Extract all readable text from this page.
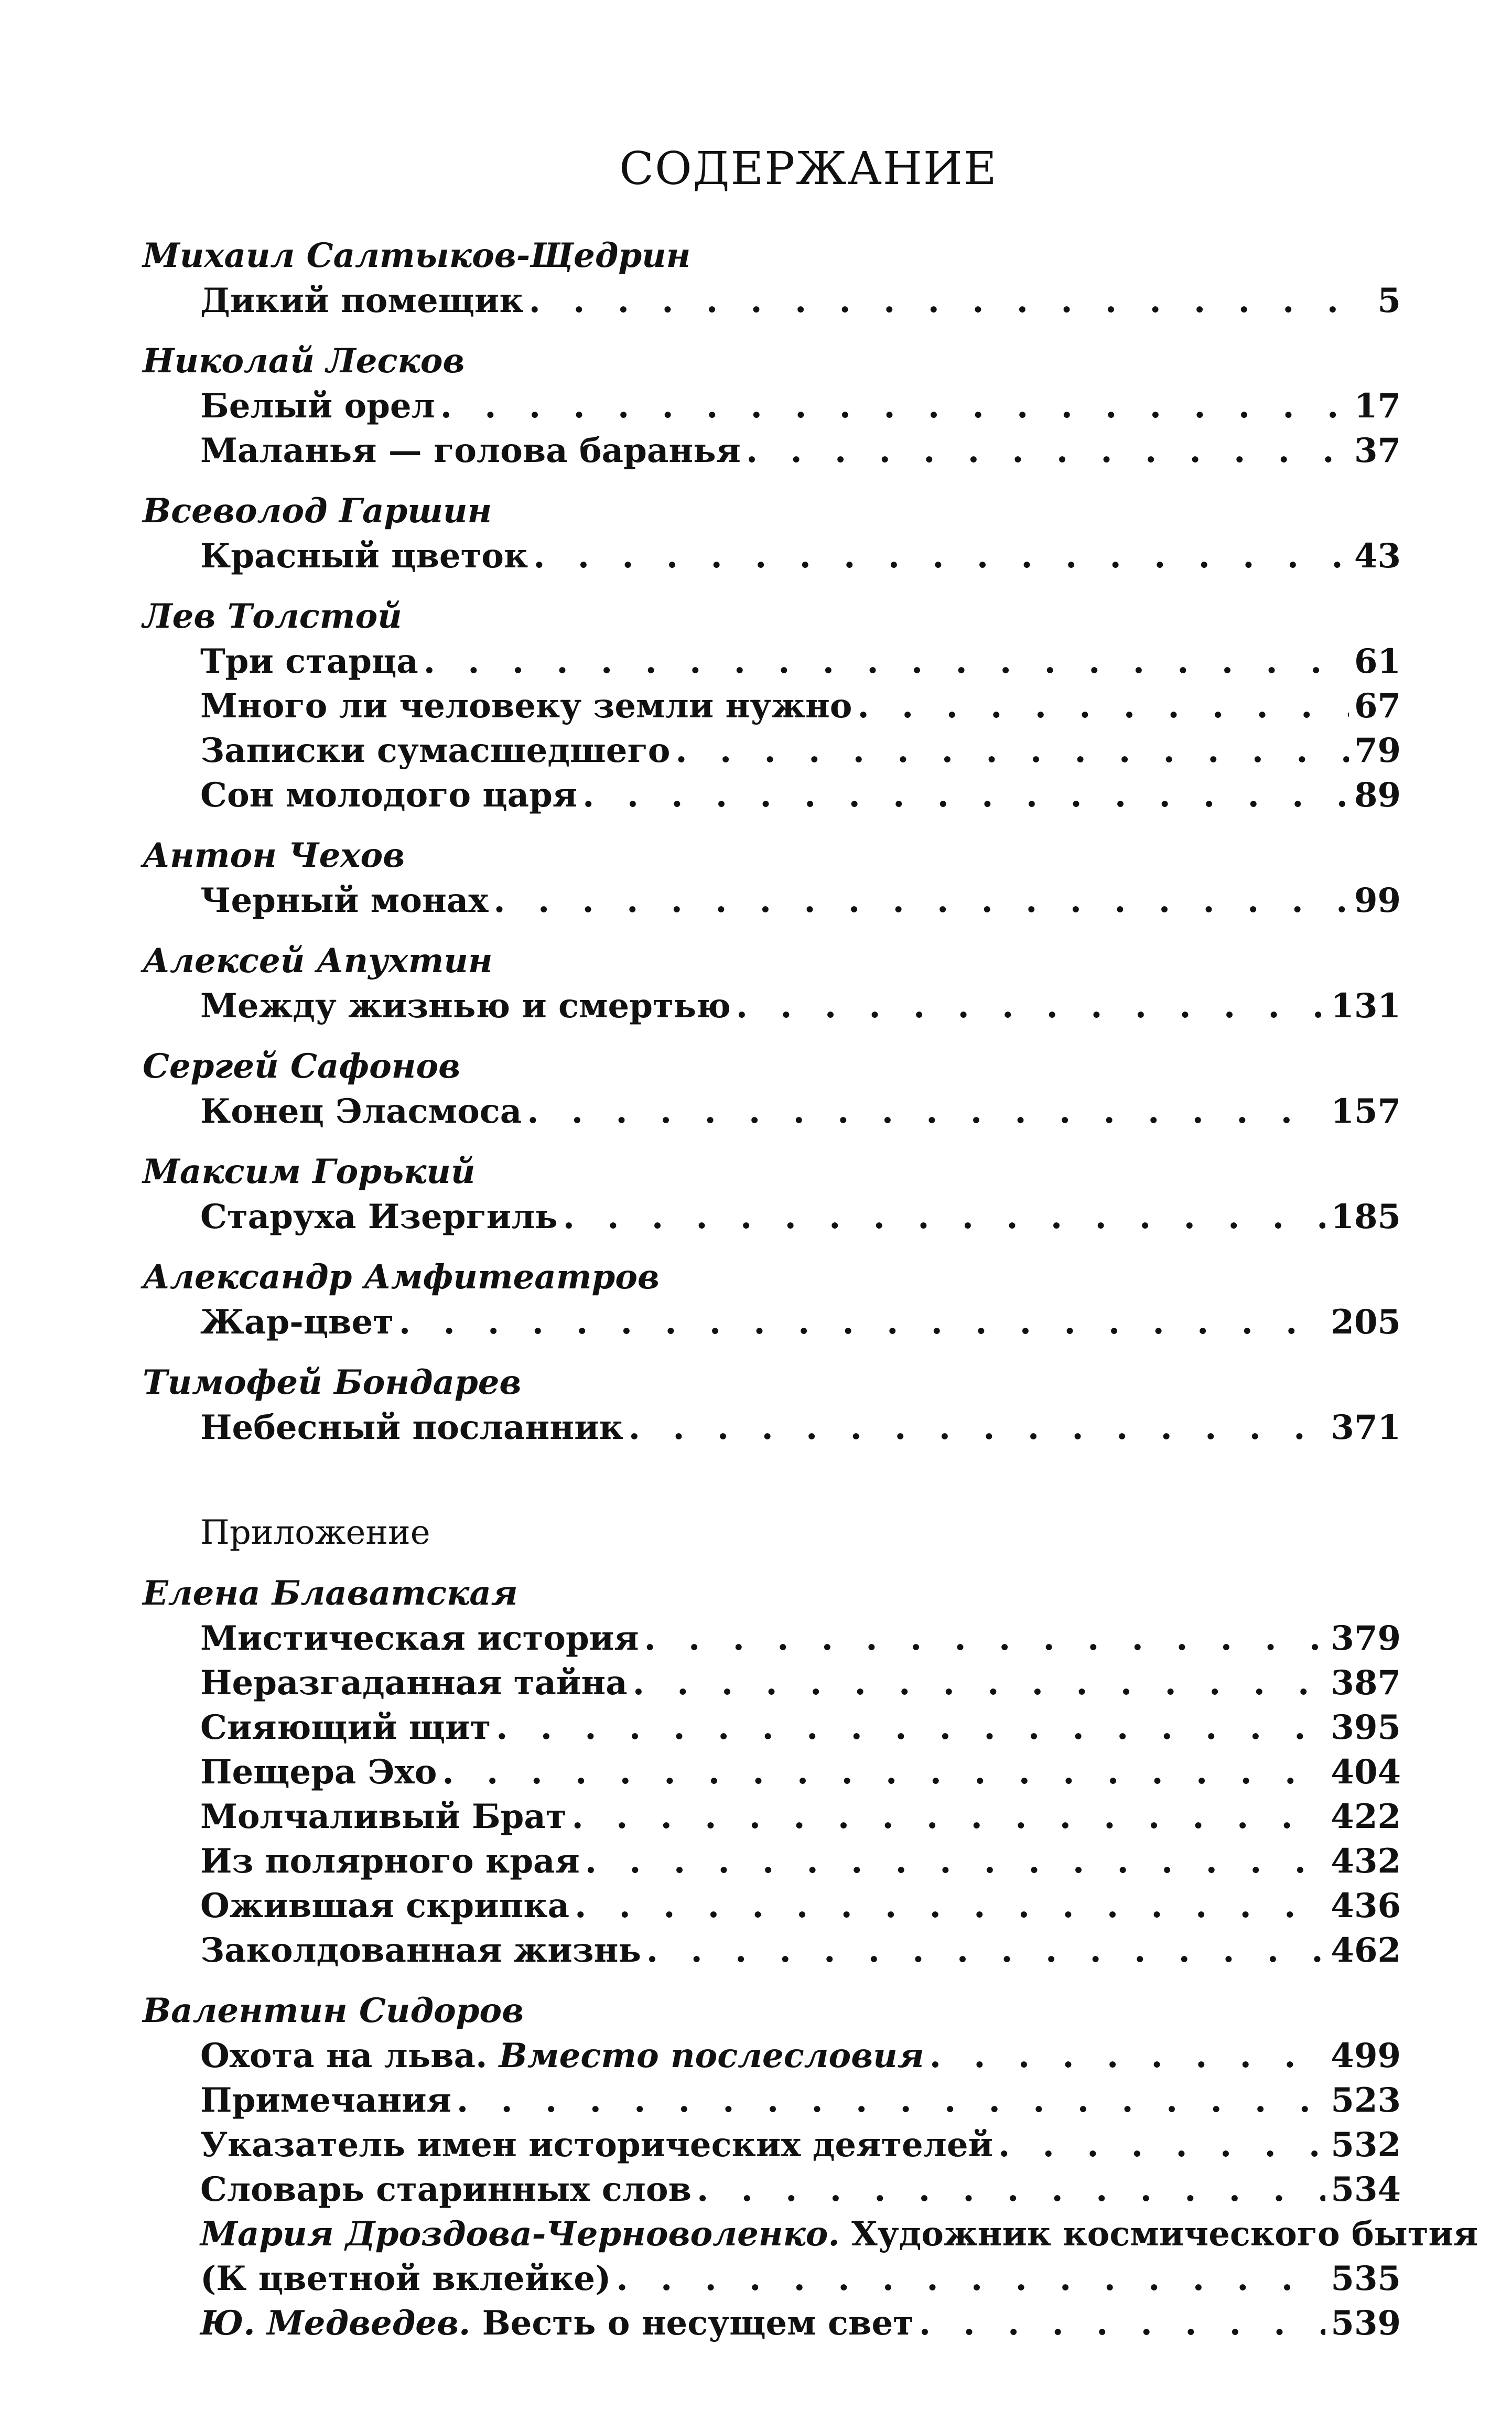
СОДЕРЖАНИЕ
Михаил Салтыков-Щедрин
Дикий помещик . . .	5
Николай Лесков
Белый орел . . .	17
Маланья — голова баранья . . .	37
Всеволод Гаршин
Красный цветок . . .	43
Лев Толстой
Три старца . . .	61
Много ли человеку земли нужно . . .	67
Записки сумасшедшего . . .	79
Сон молодого царя . . .	89
Антон Чехов
Черный монах . . .	99
Алексей Апухтин
Между жизнью и смертью . . .	131
Сергей Сафонов
Конец Эласмоса . . .	157
Максим Горький
Старуха Изергиль . . .	185
Александр Амфитеатров
Жар-цвет . . .	205
Тимофей Бондарев
Небесный посланник . . .	371
Приложение
Елена Блаватская
Мистическая история . . .	379
Неразгаданная тайна . . .	387
Сияющий щит . . .	395
Пещера Эхо . . .	404
Молчаливый Брат . . .	422
Из полярного края . . .	432
Ожившая скрипка . . .	436
Заколдованная жизнь . . .	462
Валентин Сидоров
Охота на льва. Вместо послесловия . . .	499
Примечания . . .	523
Указатель имен исторических деятелей . . .	532
Словарь старинных слов . . .	534
Мария Дроздова-Черноволенко. Художник космического бытия
(К цветной вклейке) . . .	535
Ю. Медведев. Весть о несущем свет . . .	539
